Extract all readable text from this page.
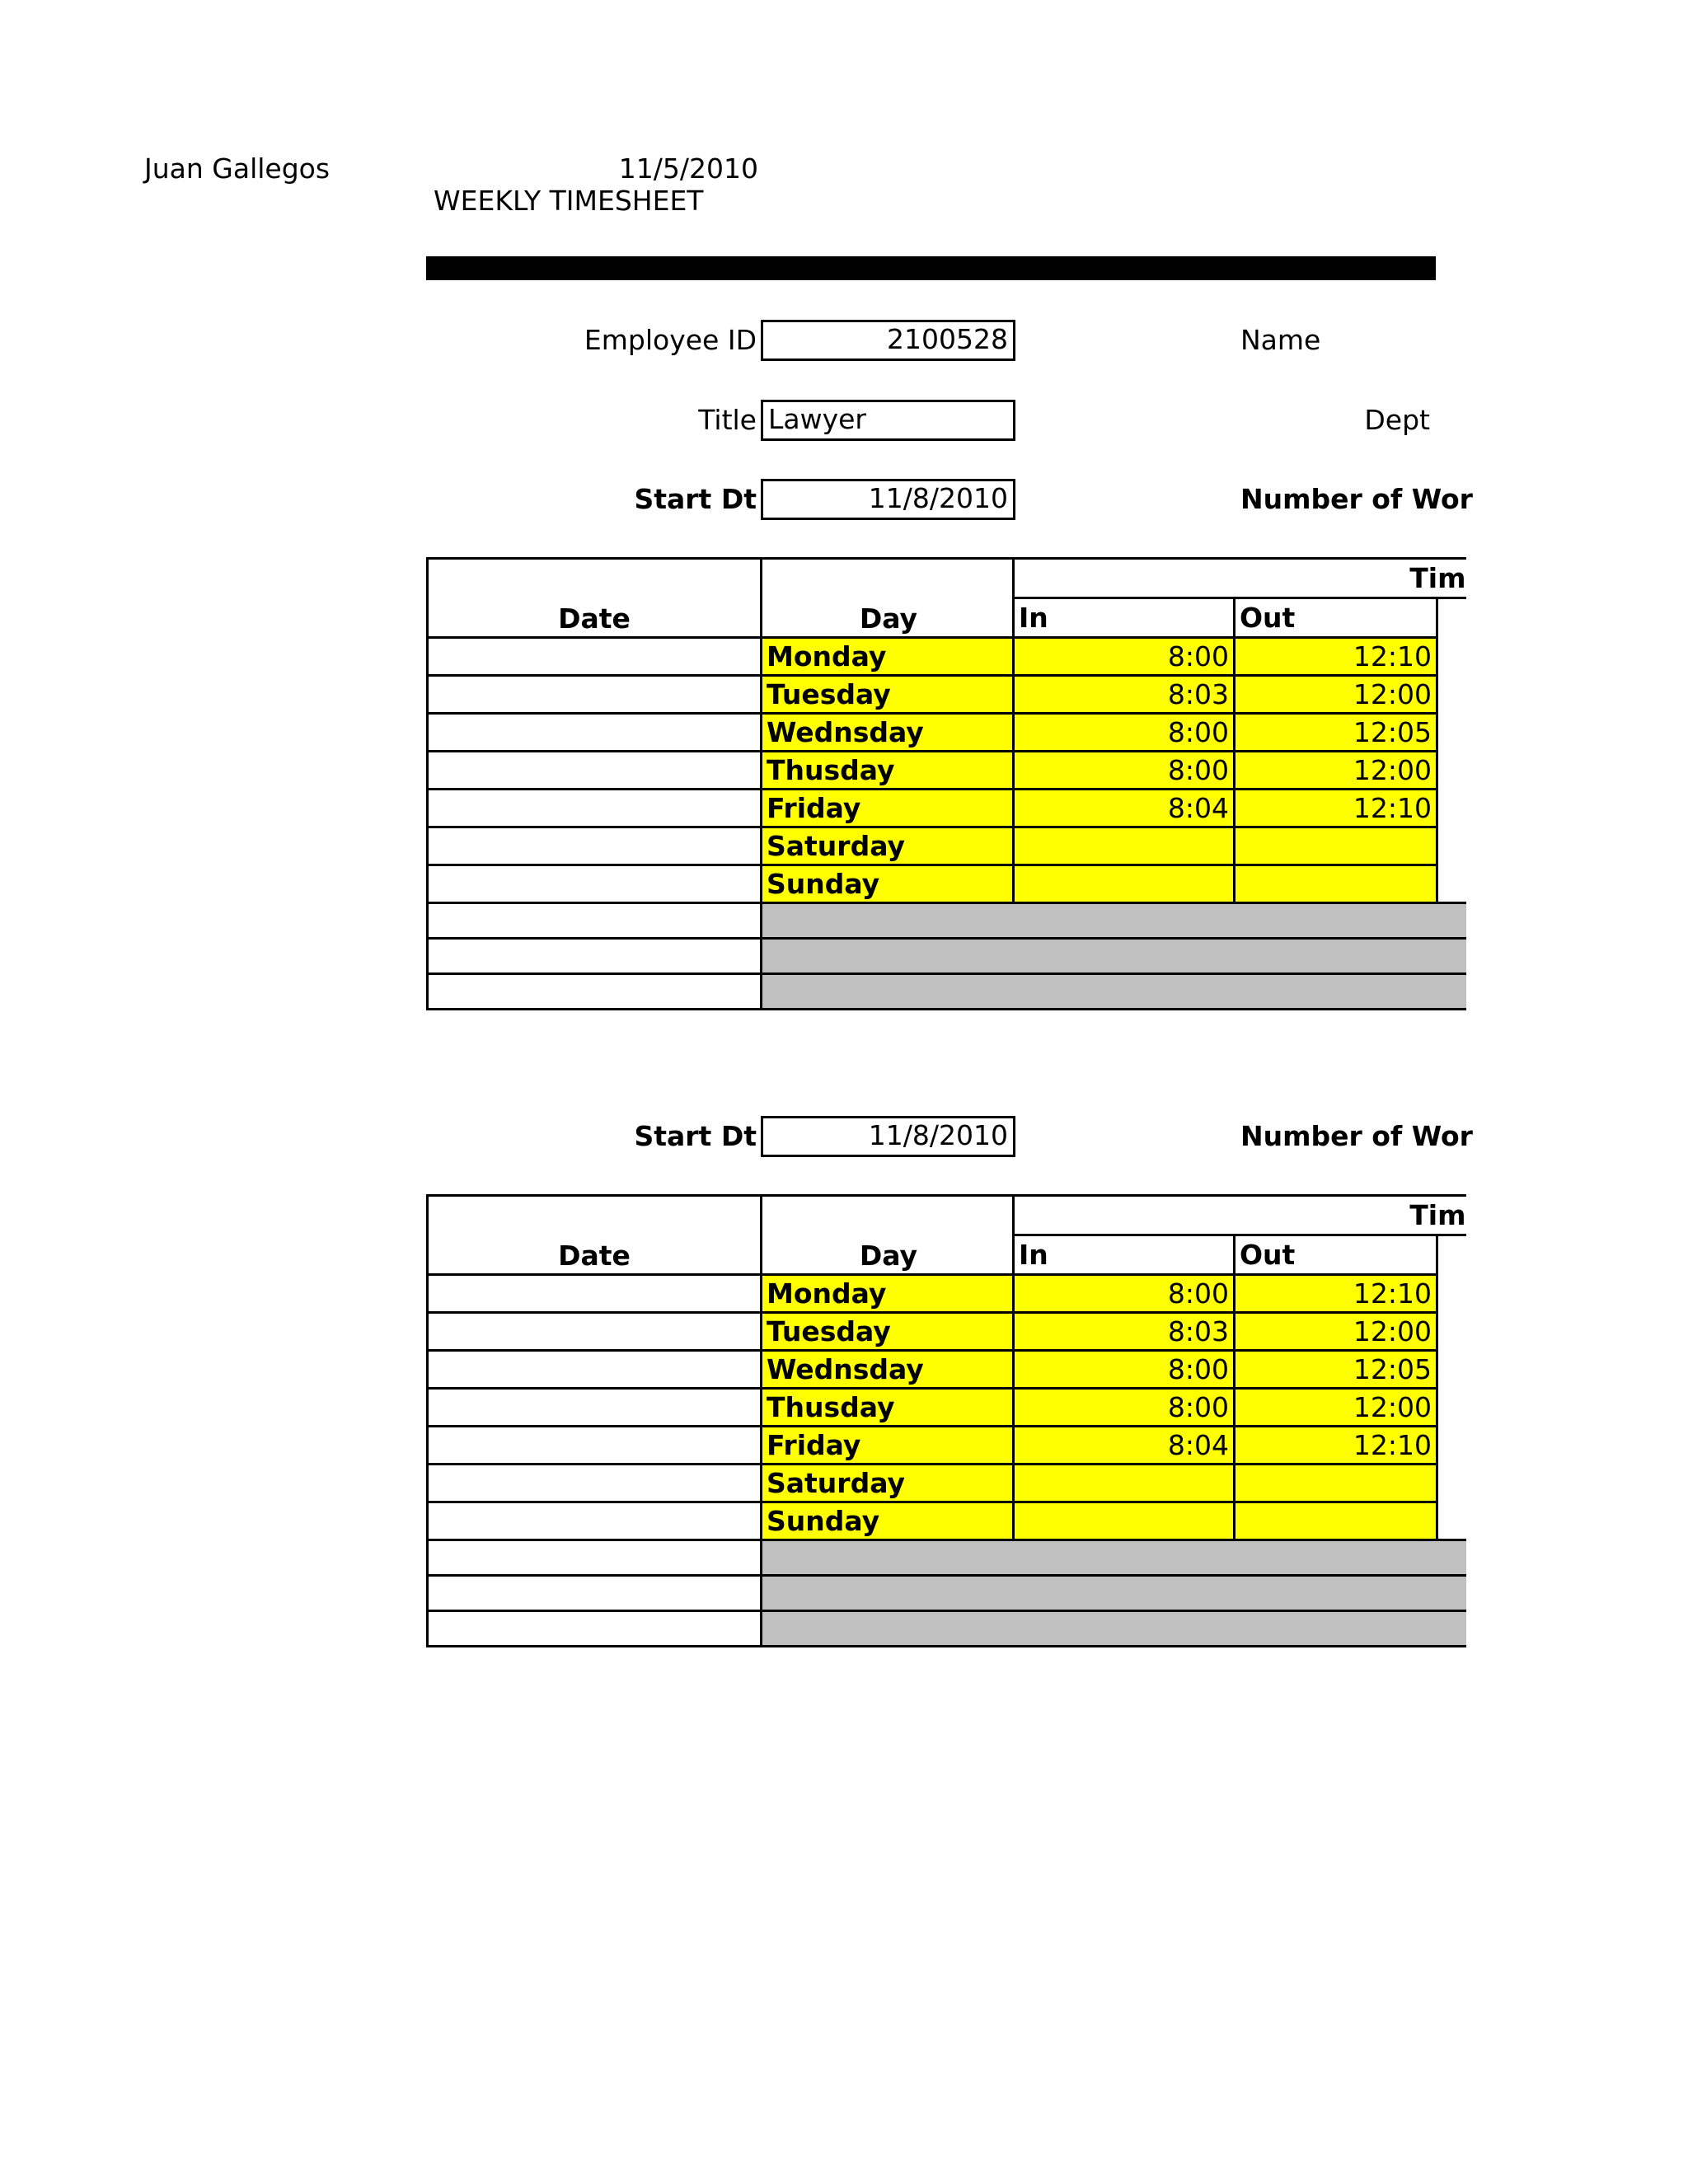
Juan Gallegos	11/5/2010
WEEKLY TIMESHEET
Employee ID	2100528	Name
Title Lawyer	Dept
Start Dt	11/8/2010	Number of Wor
Date	Day	Tim		
		In	Out	
	Monday	8:00	12:10	
	Tuesday	8:03	12:00	
	Wednsday	8:00	12:05	
	Thusday	8:00	12:00	
	Friday	8:04	12:10	
	Saturday			
	Sunday			

Start Dt	11/8/2010	Number of Wor
Date	Day	Tim		
		In	Out	
	Monday	8:00	12:10	
	Tuesday	8:03	12:00	
	Wednsday	8:00	12:05	
	Thusday	8:00	12:00	
	Friday	8:04	12:10	
	Saturday			
	Sunday			
